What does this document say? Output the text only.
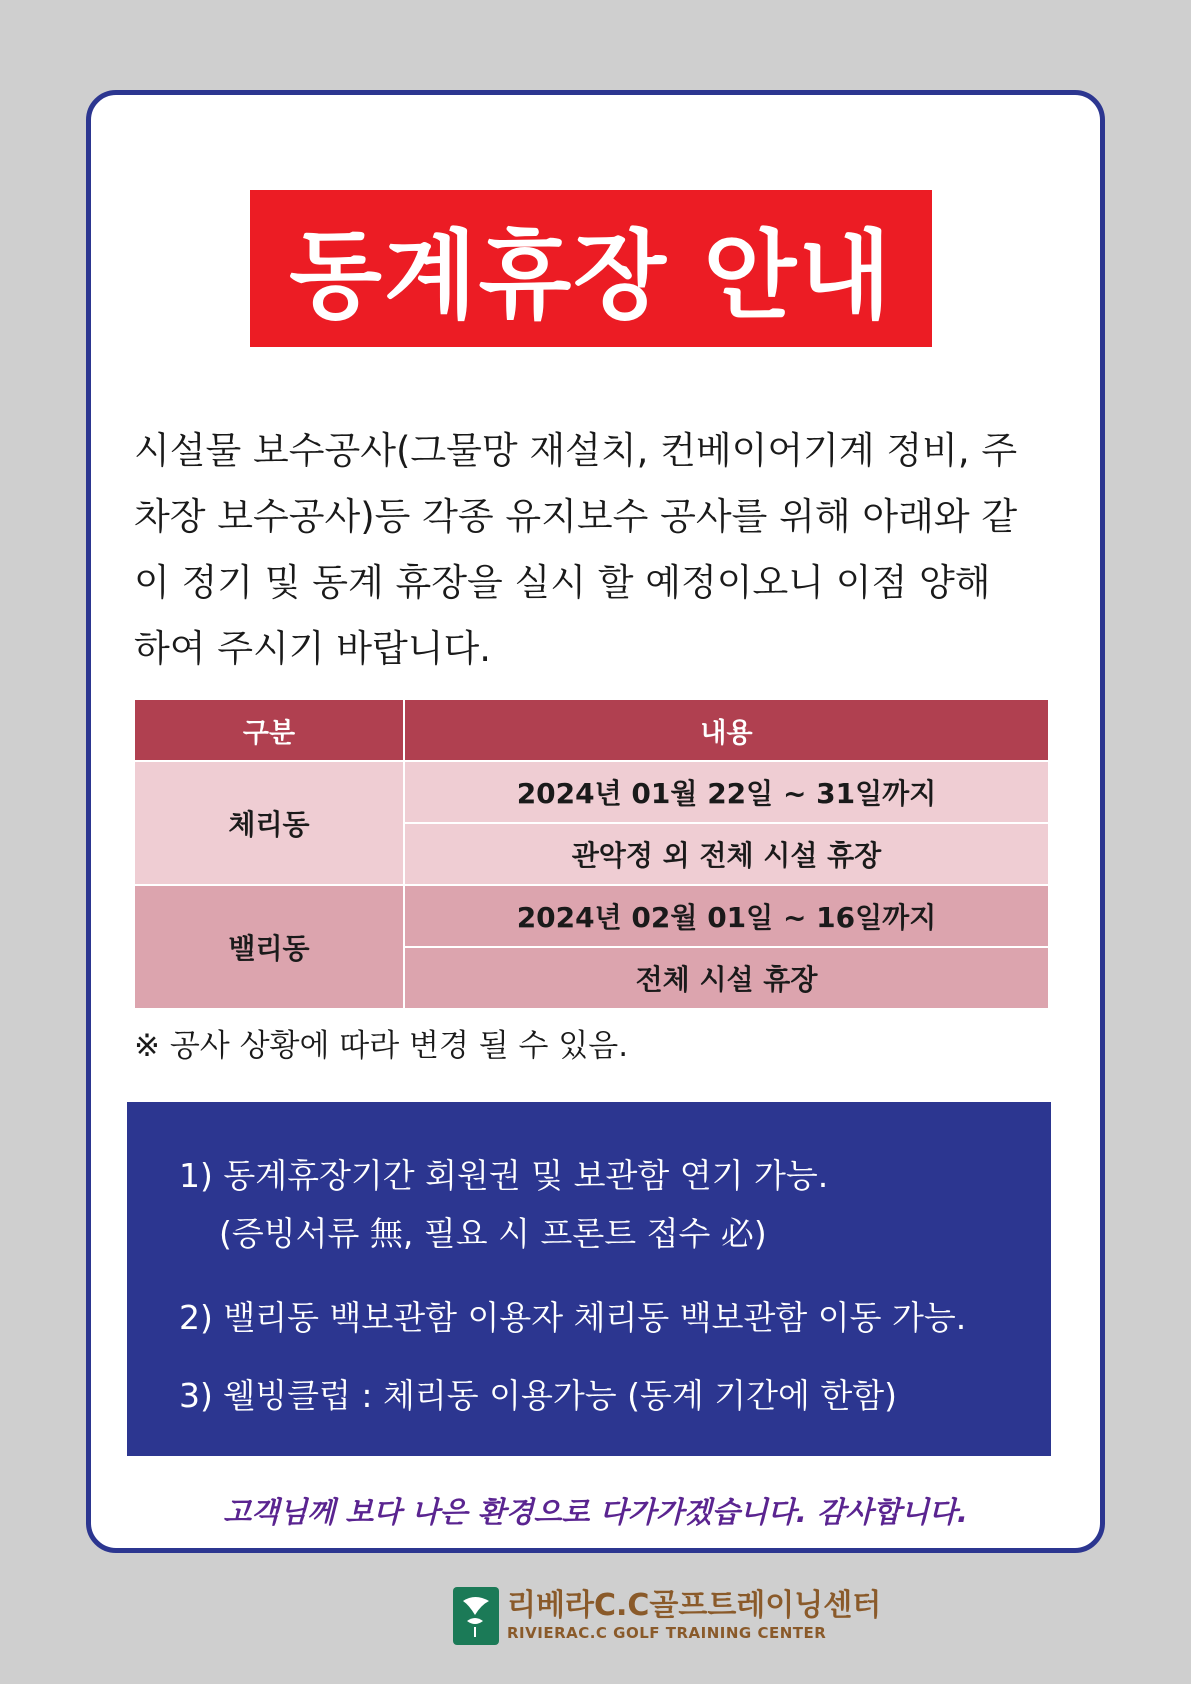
동계휴장 안내
시설물 보수공사(그물망 재설치, 컨베이어기계 정비, 주
차장 보수공사)등 각종 유지보수 공사를 위해 아래와 같
이 정기 및 동계 휴장을 실시 할 예정이오니 이점 양해
하여 주시기 바랍니다.
구분	내용
체리동	2024년 01월 22일 ~ 31일까지
	관악정 외 전체 시설 휴장
밸리동	2024년 02월 01일 ~ 16일까지
	전체 시설 휴장
※ 공사 상황에 따라 변경 될 수 있음.
1) 동계휴장기간 회원권 및 보관함 연기 가능.
(증빙서류 無, 필요 시 프론트 접수 必)
2) 밸리동 백보관함 이용자 체리동 백보관함 이동 가능.
3) 웰빙클럽 : 체리동 이용가능 (동계 기간에 한함)
고객님께 보다 나은 환경으로 다가가겠습니다. 감사합니다.
리베라C.C골프트레이닝센터
RIVIERAC.C GOLF TRAINING CENTER
